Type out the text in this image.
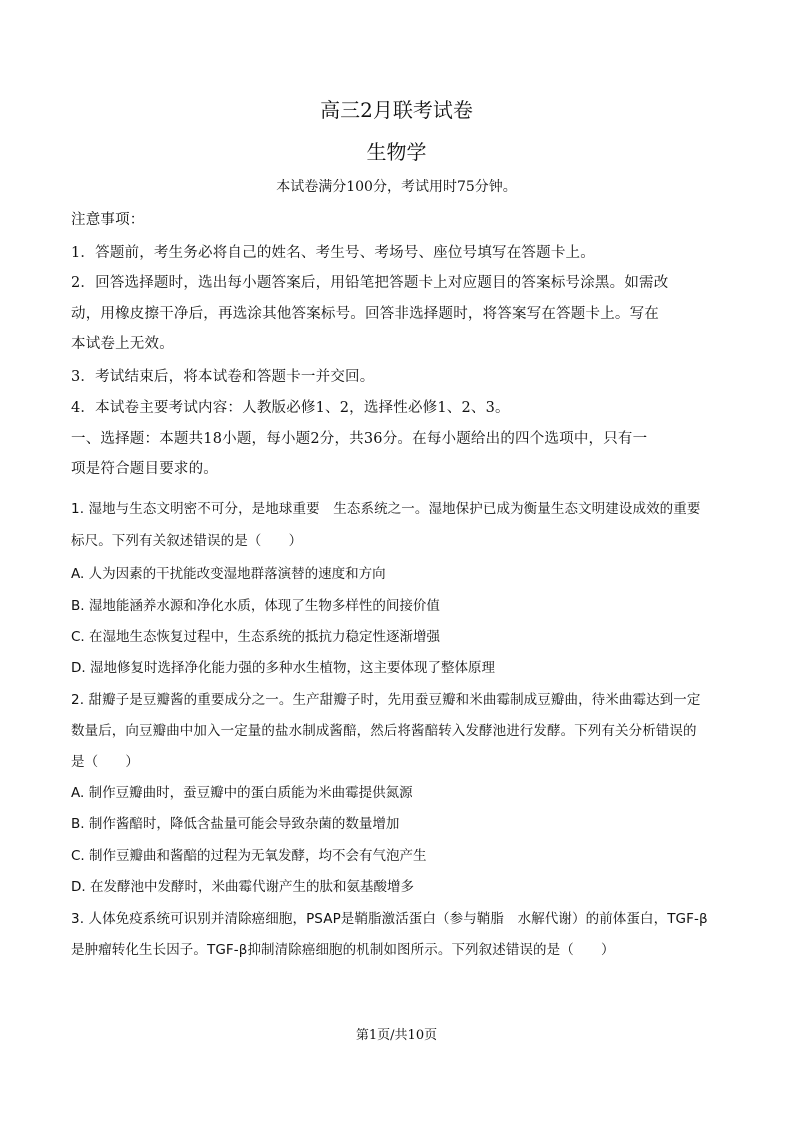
高三2月联考试卷
生物学
本试卷满分100分，考试用时75分钟。
注意事项：
1．答题前，考生务必将自己的姓名、考生号、考场号、座位号填写在答题卡上。
2．回答选择题时，选出每小题答案后，用铅笔把答题卡上对应题目的答案标号涂黑。如需改
动，用橡皮擦干净后，再选涂其他答案标号。回答非选择题时，将答案写在答题卡上。写在
本试卷上无效。
3．考试结束后，将本试卷和答题卡一并交回。
4．本试卷主要考试内容：人教版必修1、2，选择性必修1、2、3。
一、选择题：本题共18小题，每小题2分，共36分。在每小题给出的四个选项中，只有一
项是符合题目要求的。
1. 湿地与生态文明密不可分，是地球重要　生态系统之一。湿地保护已成为衡量生态文明建设成效的重要
标尺。下列有关叙述错误的是（　　）
A. 人为因素的干扰能改变湿地群落演替的速度和方向
B. 湿地能涵养水源和净化水质，体现了生物多样性的间接价值
C. 在湿地生态恢复过程中，生态系统的抵抗力稳定性逐渐增强
D. 湿地修复时选择净化能力强的多种水生植物，这主要体现了整体原理
2. 甜瓣子是豆瓣酱的重要成分之一。生产甜瓣子时，先用蚕豆瓣和米曲霉制成豆瓣曲，待米曲霉达到一定
数量后，向豆瓣曲中加入一定量的盐水制成酱醅，然后将酱醅转入发酵池进行发酵。下列有关分析错误的
是（　　）
A. 制作豆瓣曲时，蚕豆瓣中的蛋白质能为米曲霉提供氮源
B. 制作酱醅时，降低含盐量可能会导致杂菌的数量增加
C. 制作豆瓣曲和酱醅的过程为无氧发酵，均不会有气泡产生
D. 在发酵池中发酵时，米曲霉代谢产生的肽和氨基酸增多
3. 人体免疫系统可识别并清除癌细胞，PSAP是鞘脂激活蛋白（参与鞘脂　水解代谢）的前体蛋白，TGF-β
是肿瘤转化生长因子。TGF-β抑制清除癌细胞的机制如图所示。下列叙述错误的是（　　）
第1页/共10页
